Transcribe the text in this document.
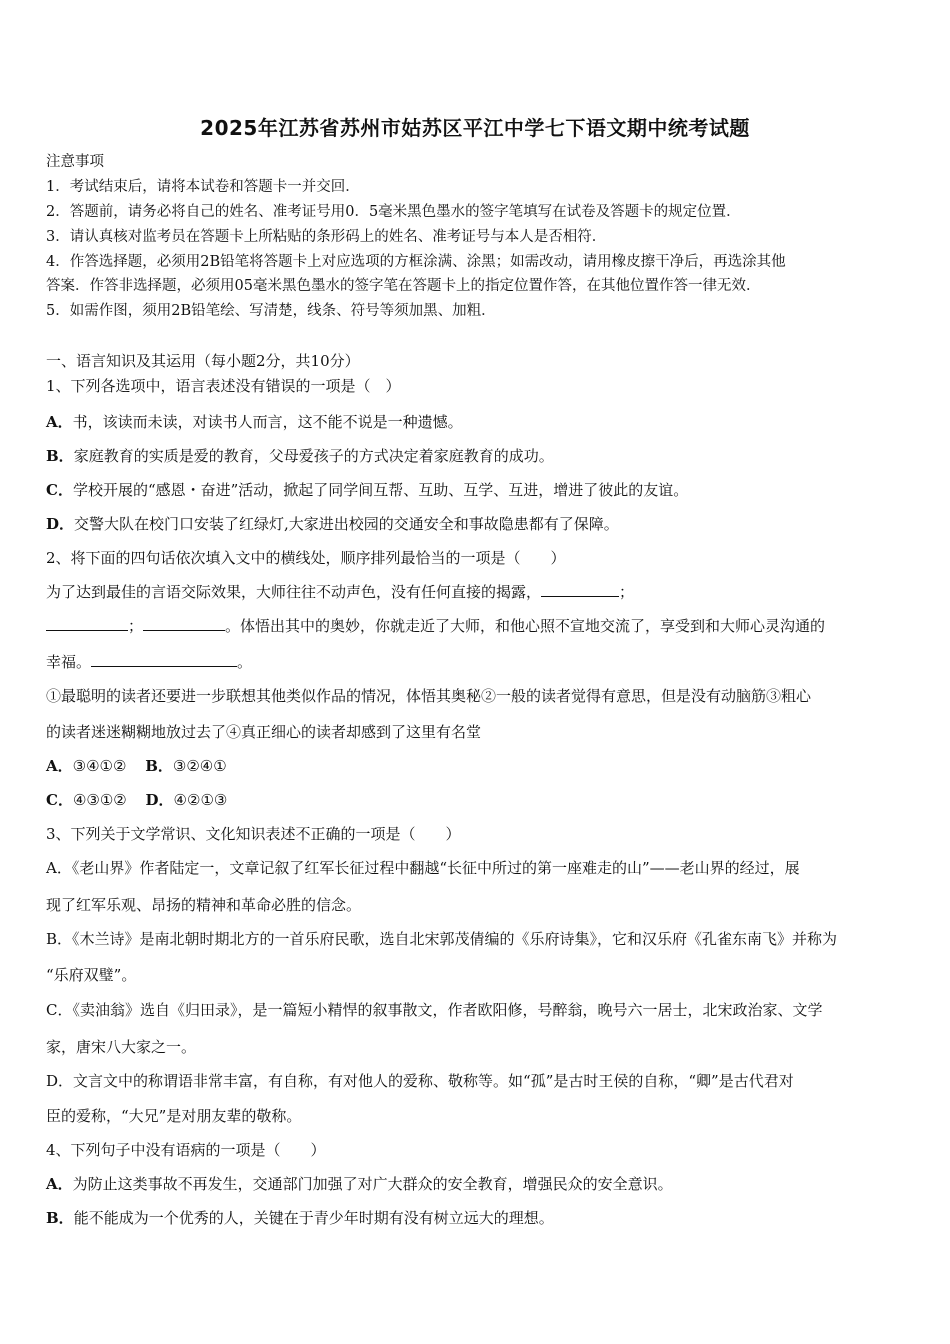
2025年江苏省苏州市姑苏区平江中学七下语文期中统考试题
注意事项
1．考试结束后，请将本试卷和答题卡一并交回．
2．答题前，请务必将自己的姓名、准考证号用0．5毫米黑色墨水的签字笔填写在试卷及答题卡的规定位置．
3．请认真核对监考员在答题卡上所粘贴的条形码上的姓名、准考证号与本人是否相符．
4．作答选择题，必须用2B铅笔将答题卡上对应选项的方框涂满、涂黑；如需改动，请用橡皮擦干净后，再选涂其他
答案．作答非选择题，必须用05毫米黑色墨水的签字笔在答题卡上的指定位置作答，在其他位置作答一律无效．
5．如需作图，须用2B铅笔绘、写清楚，线条、符号等须加黑、加粗．
一、语言知识及其运用（每小题2分，共10分）
1、下列各选项中，语言表述没有错误的一项是（　）
A．书，该读而未读，对读书人而言，这不能不说是一种遗憾。
B．家庭教育的实质是爱的教育，父母爱孩子的方式决定着家庭教育的成功。
C．学校开展的“感恩・奋进”活动，掀起了同学间互帮、互助、互学、互进，增进了彼此的友谊。
D．交警大队在校门口安装了红绿灯,大家进出校园的交通安全和事故隐患都有了保障。
2、将下面的四句话依次填入文中的横线处，顺序排列最恰当的一项是（　　）
为了达到最佳的言语交际效果，大师往往不动声色，没有任何直接的揭露，	；
；	。体悟出其中的奥妙，你就走近了大师，和他心照不宣地交流了，享受到和大师心灵沟通的
幸福。	。
①最聪明的读者还要进一步联想其他类似作品的情况，体悟其奥秘②一般的读者觉得有意思，但是没有动脑筋③粗心
的读者迷迷糊糊地放过去了④真正细心的读者却感到了这里有名堂
A．③④①② B．③②④①
C．④③①② D．④②①③
3、下列关于文学常识、文化知识表述不正确的一项是（　　）
A．《老山界》作者陆定一，文章记叙了红军长征过程中翻越“长征中所过的第一座难走的山”——老山界的经过，展
现了红军乐观、昂扬的精神和革命必胜的信念。
B．《木兰诗》是南北朝时期北方的一首乐府民歌，选自北宋郭茂倩编的《乐府诗集》，它和汉乐府《孔雀东南飞》并称为
“乐府双璧”。
C．《卖油翁》选自《归田录》，是一篇短小精悍的叙事散文，作者欧阳修，号醉翁，晚号六一居士，北宋政治家、文学
家，唐宋八大家之一。
D．文言文中的称谓语非常丰富，有自称，有对他人的爱称、敬称等。如“孤”是古时王侯的自称，“卿”是古代君对
臣的爱称，“大兄”是对朋友辈的敬称。
4、下列句子中没有语病的一项是（　　）
A．为防止这类事故不再发生，交通部门加强了对广大群众的安全教育，增强民众的安全意识。
B．能不能成为一个优秀的人，关键在于青少年时期有没有树立远大的理想。
